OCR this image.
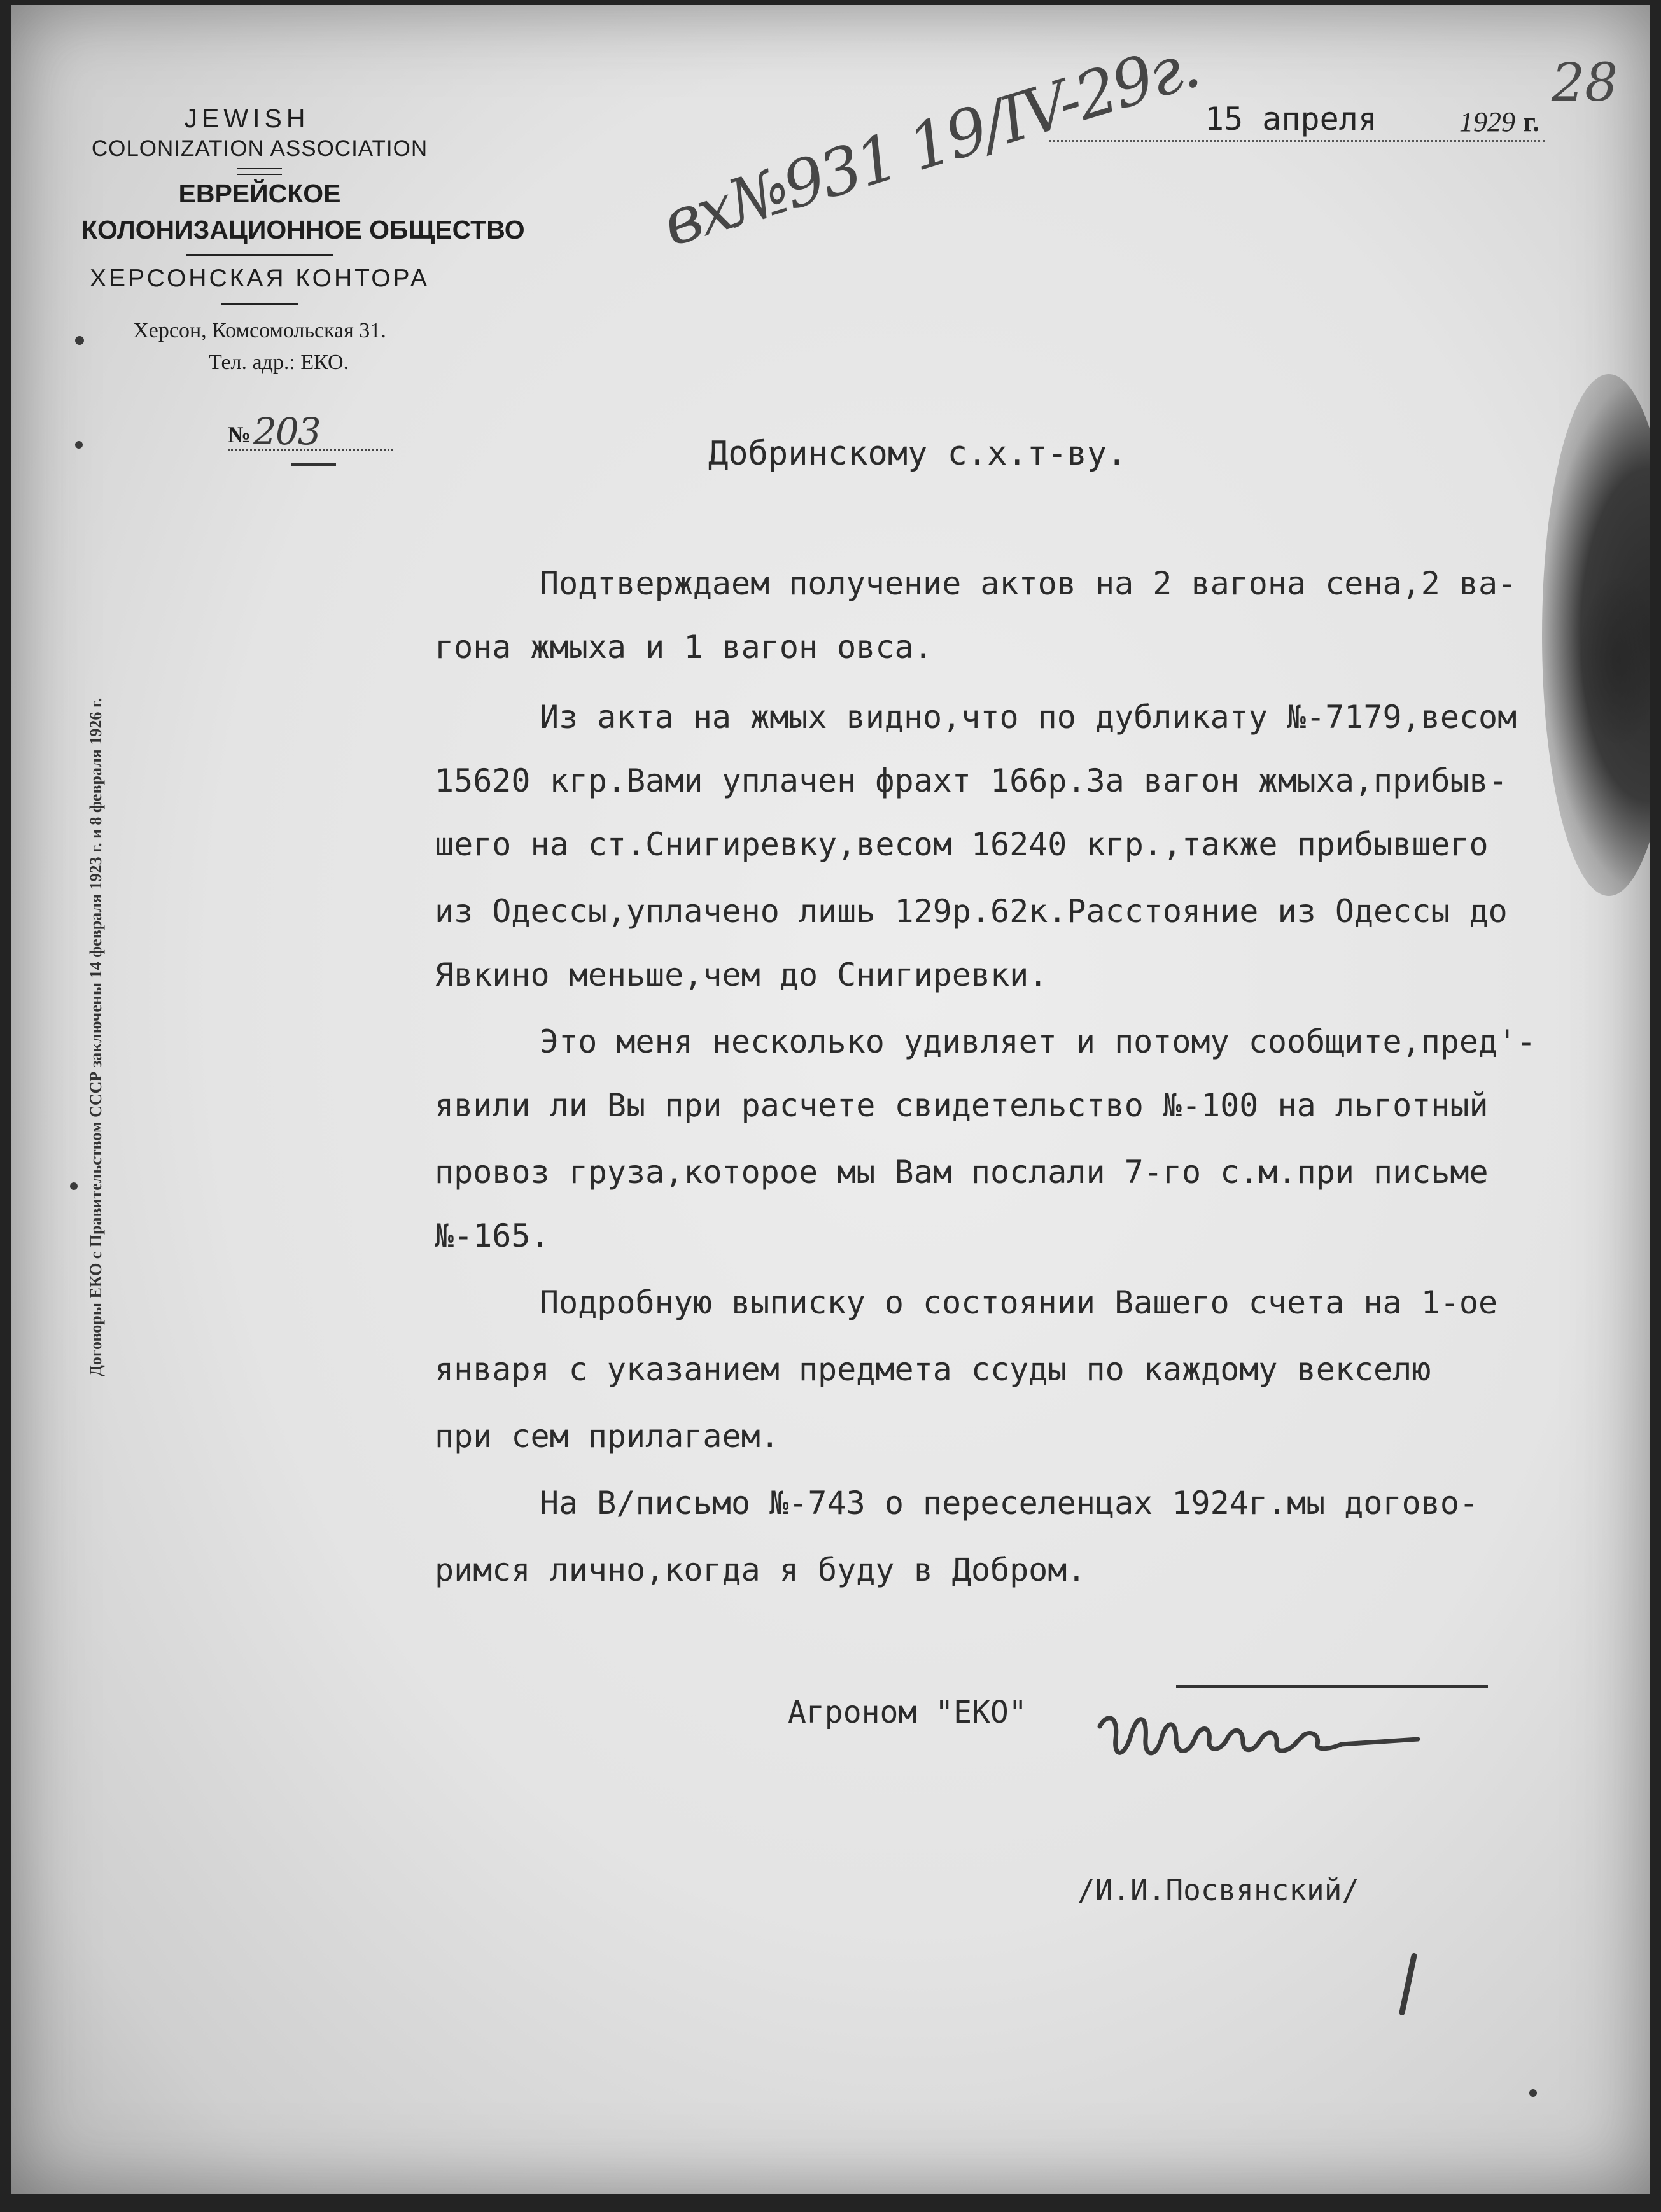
JEWISH
COLONIZATION ASSOCIATION
ЕВРЕЙСКОЕ
КОЛОНИЗАЦИОННОЕ ОБЩЕСТВО
ХЕРСОНСКАЯ КОНТОРА
Херсон, Комсомольская 31.
Тел. адр.: ЕКО.
№ 203
Договоры ЕКО с Правительством СССР заключены 14 февраля 1923 г. и 8 февраля 1926 г.
вх№931 19/IV-29г.	28
15 апреля	1929 г.
Добринскому с.х.т-ву.
Подтверждаем получение актов на 2 вагона сена,2 ва-
гона жмыха и 1 вагон овса.
Из акта на жмых видно,что по дубликату №-7179,весом
15620 кгр.Вами уплачен фрахт 166р.За вагон жмыха,прибыв-
шего на ст.Снигиревку,весом 16240 кгр.,также прибывшего
из Одессы,уплачено лишь 129р.62к.Расстояние из Одессы до
Явкино меньше,чем до Снигиревки.
Это меня несколько удивляет и потому сообщите,пред'-
явили ли Вы при расчете свидетельство №-100 на льготный
провоз груза,которое мы Вам послали 7-го с.м.при письме
№-165.
Подробную выписку о состоянии Вашего счета на 1-ое
января с указанием предмета ссуды по каждому векселю
при сем прилагаем.
На В/письмо №-743 о переселенцах 1924г.мы догово-
римся лично,когда я буду в Добром.
Агроном "ЕКО"
/И.И.Посвянский/
